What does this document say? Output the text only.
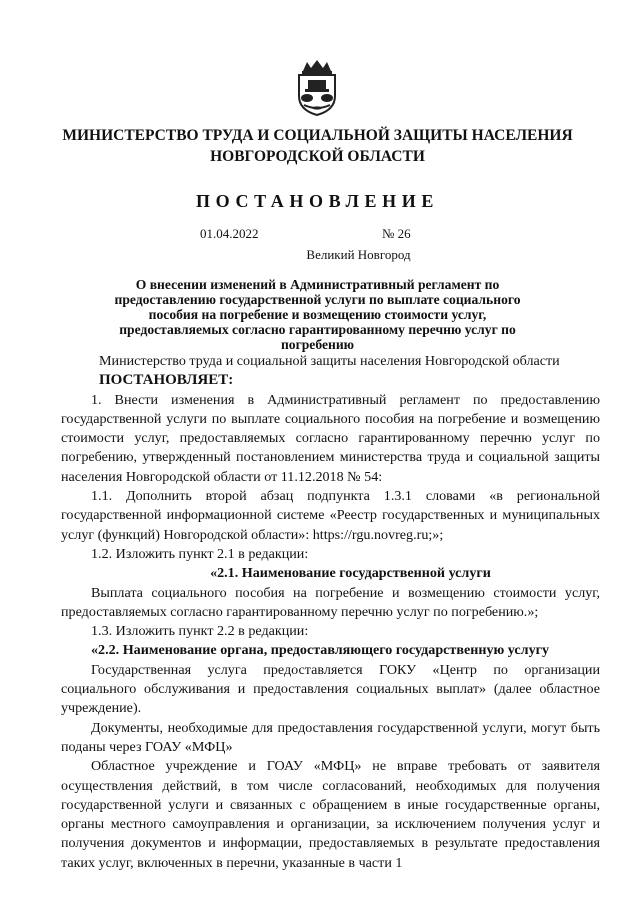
МИНИСТЕРСТВО ТРУДА И СОЦИАЛЬНОЙ ЗАЩИТЫ НАСЕЛЕНИЯ
НОВГОРОДСКОЙ ОБЛАСТИ
ПОСТАНОВЛЕНИЕ
01.04.2022	№ 26
Великий Новгород
О внесении изменений в Административный регламент по предоставлению государственной услуги по выплате социального пособия на погребение и возмещению стоимости услуг, предоставляемых согласно гарантированному перечню услуг по погребению

Министерство труда и социальной защиты населения Новгородской области

ПОСТАНОВЛЯЕТ:

1. Внести изменения в Административный регламент по предоставлению государственной услуги по выплате социального пособия на погребение и возмещению стоимости услуг, предоставляемых согласно гарантированному перечню услуг по погребению, утвержденный постановлением министерства труда и социальной защиты населения Новгородской области от 11.12.2018 № 54:

1.1. Дополнить второй абзац подпункта 1.3.1 словами «в региональной государственной информационной системе «Реестр государственных и муниципальных услуг (функций) Новгородской области»: https://rgu.novreg.ru;»;

1.2. Изложить пункт 2.1 в редакции:

«2.1. Наименование государственной услуги

Выплата социального пособия на погребение и возмещению стоимости услуг, предоставляемых согласно гарантированному перечню услуг по погребению.»;

1.3. Изложить пункт 2.2 в редакции:

«2.2. Наименование органа, предоставляющего государственную услугу

Государственная услуга предоставляется ГОКУ «Центр по организации социального обслуживания и предоставления социальных выплат» (далее областное учреждение).

Документы, необходимые для предоставления государственной услуги, могут быть поданы через ГОАУ «МФЦ»

Областное учреждение и ГОАУ «МФЦ» не вправе требовать от заявителя осуществления действий, в том числе согласований, необходимых для получения государственной услуги и связанных с обращением в иные государственные органы, органы местного самоуправления и организации, за исключением получения услуг и получения документов и информации, предоставляемых в результате предоставления таких услуг, включенных в перечни, указанные в части 1
